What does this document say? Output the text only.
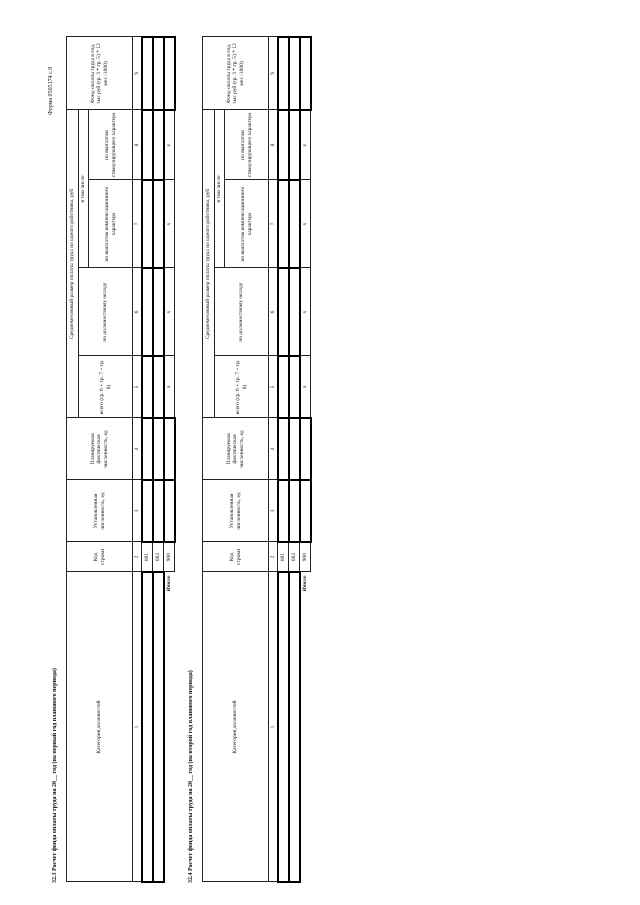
Форма 0505174 с.9
32.3 Расчет фонда оплаты труда на 20__ год (на первый год планового периода)	Категория должностей	Код строки	Установленная численность, ед	Планируемая фактическая численность, ед	Среднемесячный размер оплаты труда на одного работника, руб				Фонд оплаты труда в год, тыс руб (гр. 3 * гр. 5) * 12 мес /1000)
				всего (гр. 6 + гр. 7 + гр. 8)	по должностному окладу	в том числе		
						по выплатам компенсационного характера	по выплатам стимулирующего характера	
1	2	3	4	5	6	7	8	9
	001							
	002							
Итого	900			х	х	х	х	
32.4 Расчет фонда оплаты труда на 20__ год (на второй год планового периода)	Категория должностей	Код строки	Установленная численность, ед	Планируемая фактическая численность, ед	Среднемесячный размер оплаты труда на одного работника, руб				Фонд оплаты труда в год, тыс руб (гр. 3 * гр. 5) * 12 мес /1000)
				всего (гр. 6 + гр. 7 + гр. 8)	по должностному окладу	в том числе		
						по выплатам компенсационного характера	по выплатам стимулирующего характера	
1	2	3	4	5	6	7	8	9
	001							
	002							
Итого	900			х	х	х	х	
